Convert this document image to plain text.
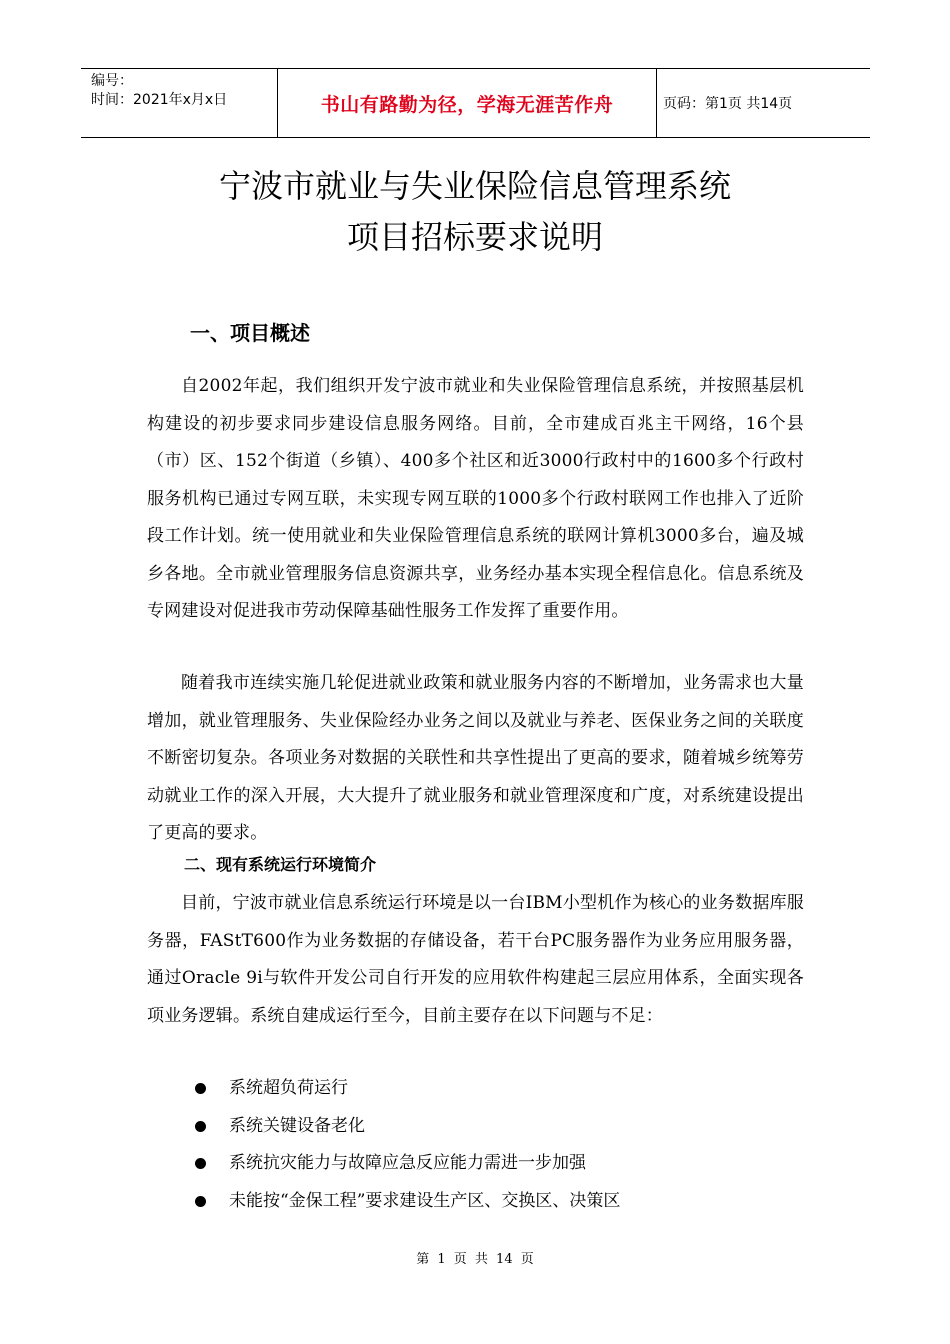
编号：
时间：2021年x月x日	书山有路勤为径，学海无涯苦作舟	页码：第1页 共14页
宁波市就业与失业保险信息管理系统
项目招标要求说明
一、项目概述

自2002年起，我们组织开发宁波市就业和失业保险管理信息系统，并按照基层机构建设的初步要求同步建设信息服务网络。目前，全市建成百兆主干网络，16个县（市）区、152个街道（乡镇）、400多个社区和近3000行政村中的1600多个行政村服务机构已通过专网互联，未实现专网互联的1000多个行政村联网工作也排入了近阶段工作计划。统一使用就业和失业保险管理信息系统的联网计算机3000多台，遍及城乡各地。全市就业管理服务信息资源共享，业务经办基本实现全程信息化。信息系统及专网建设对促进我市劳动保障基础性服务工作发挥了重要作用。

随着我市连续实施几轮促进就业政策和就业服务内容的不断增加，业务需求也大量增加，就业管理服务、失业保险经办业务之间以及就业与养老、医保业务之间的关联度不断密切复杂。各项业务对数据的关联性和共享性提出了更高的要求，随着城乡统筹劳动就业工作的深入开展，大大提升了就业服务和就业管理深度和广度，对系统建设提出了更高的要求。

二、现有系统运行环境简介

目前，宁波市就业信息系统运行环境是以一台IBM小型机作为核心的业务数据库服务器，FAStT600作为业务数据的存储设备，若干台PC服务器作为业务应用服务器，通过Oracle 9i与软件开发公司自行开发的应用软件构建起三层应用体系，全面实现各项业务逻辑。系统自建成运行至今，目前主要存在以下问题与不足：

系统超负荷运行
系统关键设备老化
系统抗灾能力与故障应急反应能力需进一步加强
未能按“金保工程”要求建设生产区、交换区、决策区
第 1 页 共 14 页
